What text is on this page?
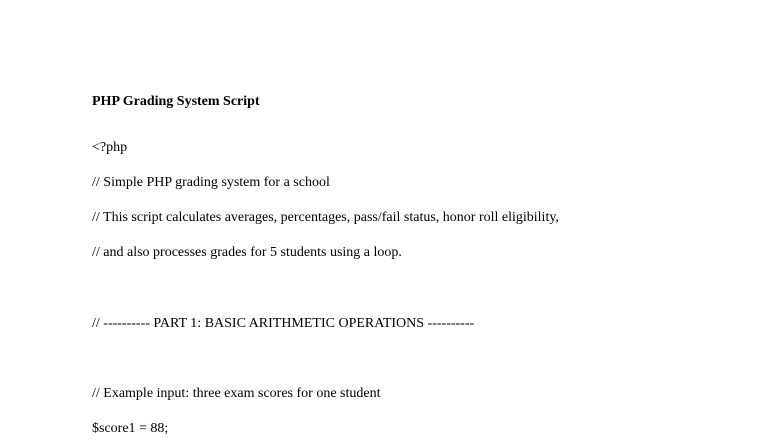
PHP Grading System Script
<?php
// Simple PHP grading system for a school
// This script calculates averages, percentages, pass/fail status, honor roll eligibility,
// and also processes grades for 5 students using a loop.
// ---------- PART 1: BASIC ARITHMETIC OPERATIONS ----------
// Example input: three exam scores for one student
$score1 = 88;
